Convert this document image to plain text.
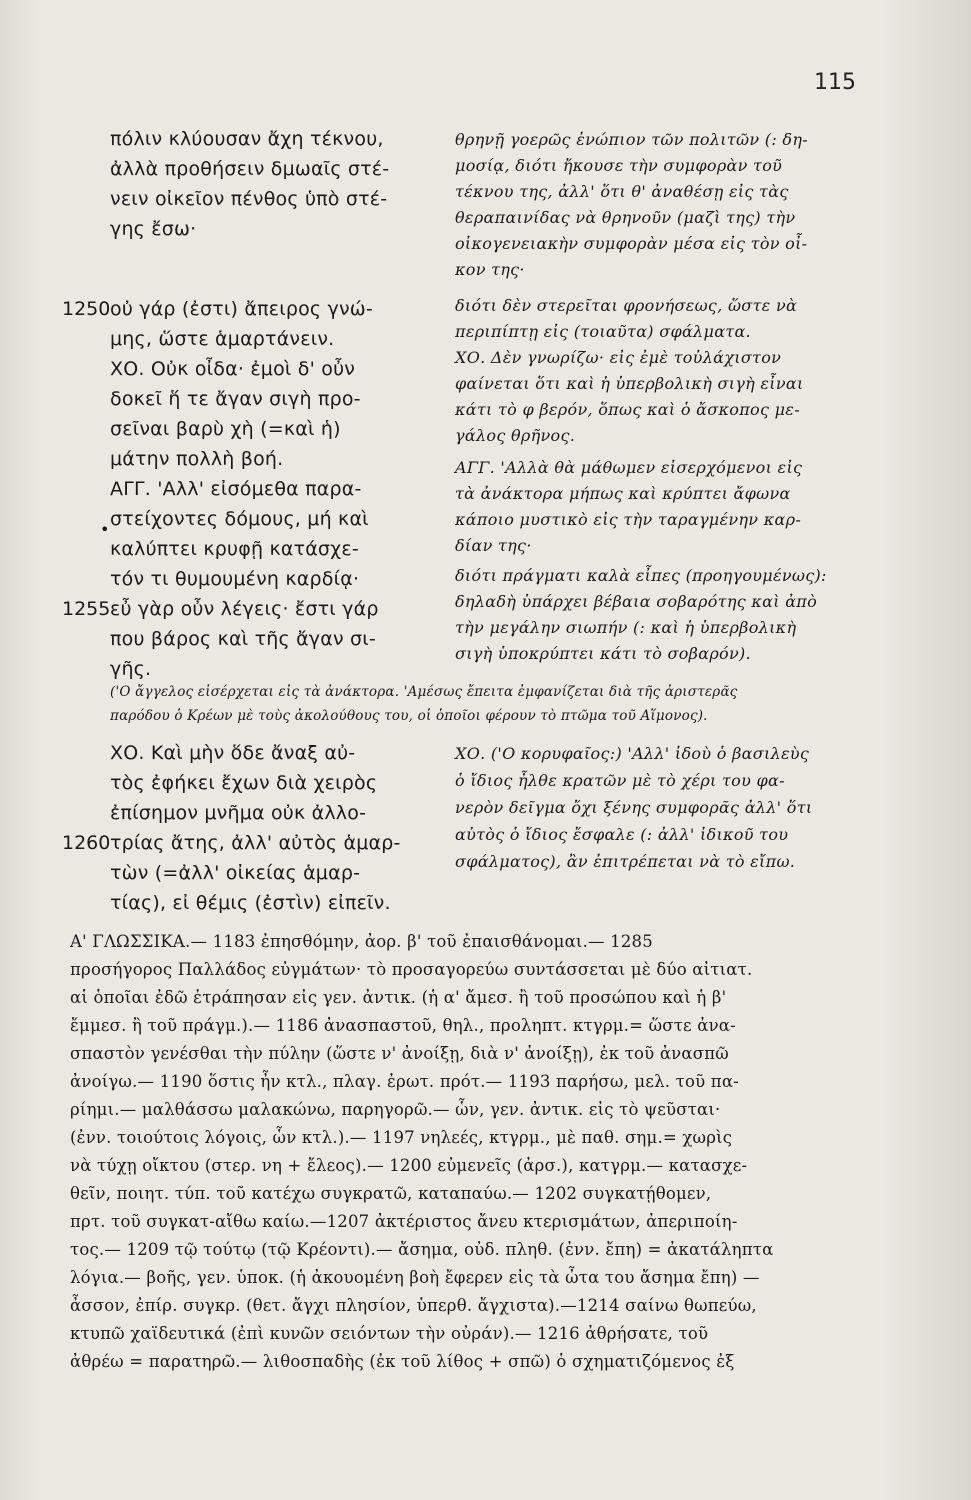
115
πόλιν κλύουσαν ἄχη τέκνου,
ἀλλὰ προθήσειν δμωαῖς στέ-
νειν οἰκεῖον πένθος ὑπὸ στέ-
γης ἔσω·
1250 οὐ γάρ (ἐστι) ἄπειρος γνώ-
μης, ὥστε ἁμαρτάνειν.
ΧΟ. Οὐκ οἶδα· ἐμοὶ δ' οὖν
δοκεῖ ἥ τε ἄγαν σιγὴ προ-
σεῖναι βαρὺ χὴ (=καὶ ἡ)
μάτην πολλὴ βοή.
ΑΓΓ. 'Αλλ' εἰσόμεθα παρα-
στείχοντες δόμους, μή καὶ
καλύπτει κρυφῇ κατάσχε-
τόν τι θυμουμένη καρδίᾳ·
1255 εὖ γὰρ οὖν λέγεις· ἔστι γάρ
που βάρος καὶ τῆς ἄγαν σι-
γῆς.
•
θρηνῇ γοερῶς ἐνώπιον τῶν πολιτῶν (: δη-
μοσίᾳ, διότι ἤκουσε τὴν συμφορὰν τοῦ
τέκνου της, ἀλλ' ὅτι θ' ἀναθέσῃ εἰς τὰς
θεραπαινίδας νὰ θρηνοῦν (μαζὶ της) τὴν
οἰκογενειακὴν συμφορὰν μέσα εἰς τὸν οἶ-
κον της·
διότι δὲν στερεῖται φρονήσεως, ὥστε νὰ
περιπίπτῃ εἰς (τοιαῦτα) σφάλματα.
ΧΟ. Δὲν γνωρίζω· εἰς ἐμὲ τοὐλάχιστον
φαίνεται ὅτι καὶ ἡ ὑπερβολικὴ σιγὴ εἶναι
κάτι τὸ φ βερόν, ὅπως καὶ ὁ ἄσκοπος με-
γάλος θρῆνος.
ΑΓΓ. 'Αλλὰ θὰ μάθωμεν εἰσερχόμενοι εἰς
τὰ ἀνάκτορα μήπως καὶ κρύπτει ἄφωνα
κάποιο μυστικὸ εἰς τὴν ταραγμένην καρ-
δίαν της·
διότι πράγματι καλὰ εἶπες (προηγουμένως):
δηλαδὴ ὑπάρχει βέβαια σοβαρότης καὶ ἀπὸ
τὴν μεγάλην σιωπήν (: καὶ ἡ ὑπερβολικὴ
σιγὴ ὑποκρύπτει κάτι τὸ σοβαρόν).
('Ο ἄγγελος εἰσέρχεται εἰς τὰ ἀνάκτορα. 'Αμέσως ἔπειτα ἐμφανίζεται διὰ τῆς ἀριστερᾶς
παρόδου ὁ Κρέων μὲ τοὺς ἀκολούθους του, οἱ ὁποῖοι φέρουν τὸ πτῶμα τοῦ Αἵμονος).
ΧΟ. Καὶ μὴν ὅδε ἄναξ αὐ-
τὸς ἐφήκει ἔχων διὰ χειρὸς
ἐπίσημον μνῆμα οὐκ ἀλλο-
1260 τρίας ἄτης, ἀλλ' αὐτὸς ἁμαρ-
τὼν (=ἀλλ' οἰκείας ἁμαρ-
τίας), εἰ θέμις (ἐστὶν) εἰπεῖν.
ΧΟ. ('Ο κορυφαῖος:) 'Αλλ' ἰδοὺ ὁ βασιλεὺς
ὁ ἴδιος ἦλθε κρατῶν μὲ τὸ χέρι του φα-
νερὸν δεῖγμα ὄχι ξένης συμφορᾶς ἀλλ' ὅτι
αὐτὸς ὁ ἴδιος ἔσφαλε (: ἀλλ' ἰδικοῦ του
σφάλματος), ἂν ἐπιτρέπεται νὰ τὸ εἴπω.
Α' ΓΛΩΣΣΙΚΑ.— 1183 ἐπησθόμην, ἀορ. β' τοῦ ἐπαισθάνομαι.— 1285
προσήγορος Παλλάδος εὐγμάτων· τὸ προσαγορεύω συντάσσεται μὲ δύο αἰτιατ.
αἱ ὁποῖαι ἐδῶ ἐτράπησαν εἰς γεν. ἀντικ. (ἡ α' ἄμεσ. ἢ τοῦ προσώπου καὶ ἡ β'
ἔμμεσ. ἢ τοῦ πράγμ.).— 1186 ἀνασπαστοῦ, θηλ., προληπτ. κτγρμ.= ὥστε ἀνα-
σπαστὸν γενέσθαι τὴν πύλην (ὥστε ν' ἀνοίξῃ, διὰ ν' ἀνοίξῃ), ἐκ τοῦ ἀνασπῶ
ἀνοίγω.— 1190 ὅστις ἦν κτλ., πλαγ. ἐρωτ. πρότ.— 1193 παρήσω, μελ. τοῦ πα-
ρίημι.— μαλθάσσω μαλακώνω, παρηγορῶ.— ὧν, γεν. ἀντικ. εἰς τὸ ψεῦσται·
(ἐνν. τοιούτοις λόγοις, ὧν κτλ.).— 1197 νηλεές, κτγρμ., μὲ παθ. σημ.= χωρὶς
νὰ τύχῃ οἴκτου (στερ. νη + ἔλεος).— 1200 εὐμενεῖς (ἀρσ.), κατγρμ.— κατασχε-
θεῖν, ποιητ. τύπ. τοῦ κατέχω συγκρατῶ, καταπαύω.— 1202 συγκατῄθομεν,
πρτ. τοῦ συγκατ-αἴθω καίω.—1207 ἀκτέριστος ἄνευ κτερισμάτων, ἀπεριποίη-
τος.— 1209 τῷ τούτῳ (τῷ Κρέοντι).— ἄσημα, οὐδ. πληθ. (ἐνν. ἔπη) = ἀκατάληπτα
λόγια.— βοῆς, γεν. ὑποκ. (ἡ ἀκουομένη βοὴ ἔφερεν εἰς τὰ ὦτα του ἄσημα ἔπη) —
ἆσσον, ἐπίρ. συγκρ. (θετ. ἄγχι πλησίον, ὑπερθ. ἄγχιστα).—1214 σαίνω θωπεύω,
κτυπῶ χαϊδευτικά (ἐπὶ κυνῶν σειόντων τὴν οὐράν).— 1216 ἀθρήσατε, τοῦ
ἀθρέω = παρατηρῶ.— λιθοσπαδὴς (ἐκ τοῦ λίθος + σπῶ) ὁ σχηματιζόμενος ἐξ
